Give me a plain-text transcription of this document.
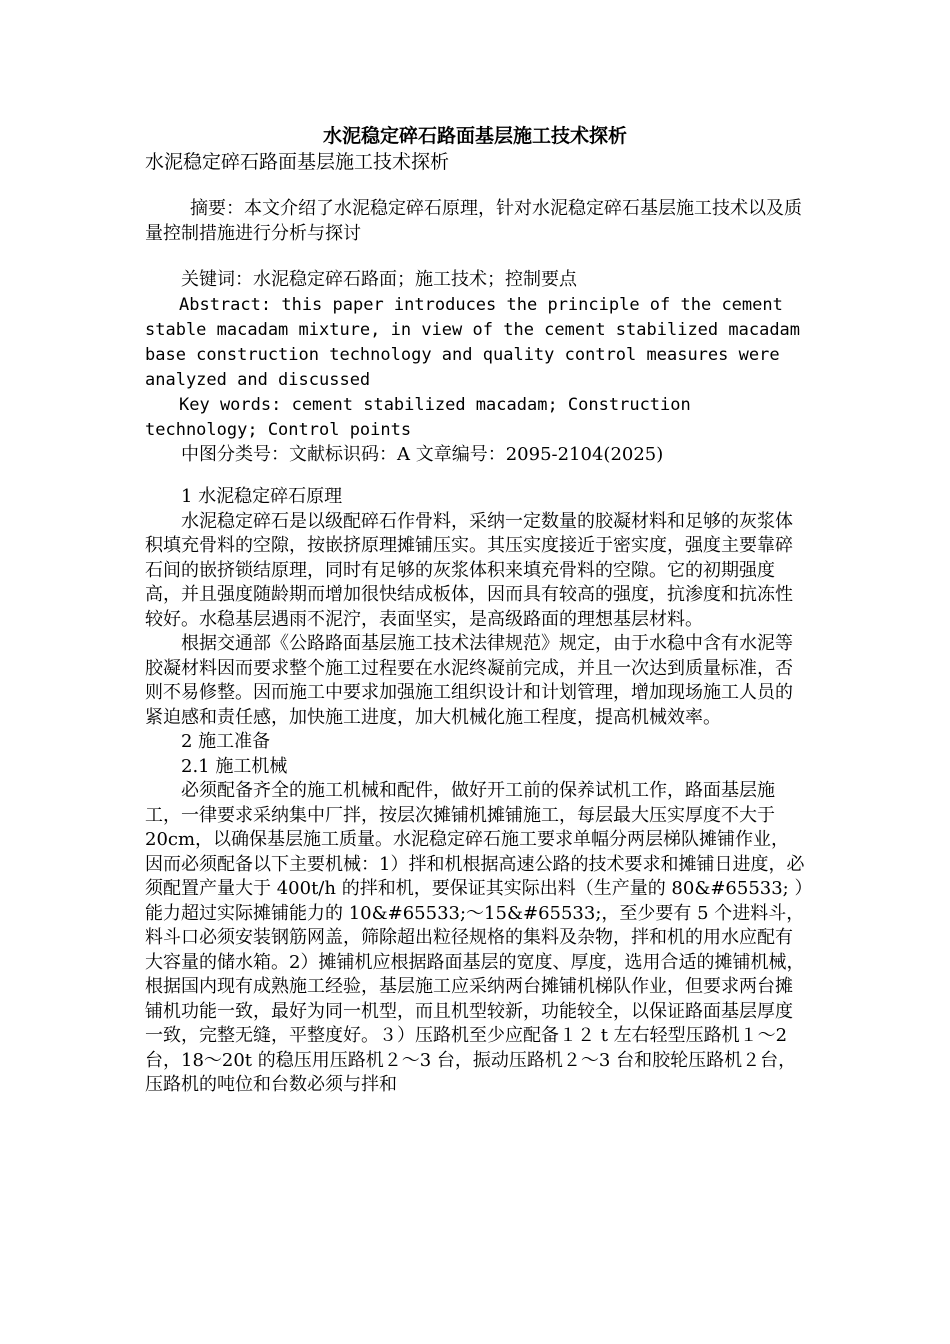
水泥稳定碎石路面基层施工技术探析

水泥稳定碎石路面基层施工技术探析

摘要：本文介绍了水泥稳定碎石原理，针对水泥稳定碎石基层施工技术以及质量控制措施进行分析与探讨

关键词：水泥稳定碎石路面；施工技术；控制要点

Abstract: this paper introduces the principle of the cement stable macadam mixture, in view of the cement stabilized macadam base construction technology and quality control measures were analyzed and discussed

Key words: cement stabilized macadam; Construction technology; Control points

中图分类号：文献标识码：A 文章编号：2095-2104(2025)

1 水泥稳定碎石原理

水泥稳定碎石是以级配碎石作骨料，采纳一定数量的胶凝材料和足够的灰浆体积填充骨料的空隙，按嵌挤原理摊铺压实。其压实度接近于密实度，强度主要靠碎石间的嵌挤锁结原理，同时有足够的灰浆体积来填充骨料的空隙。它的初期强度高，并且强度随龄期而增加很快结成板体，因而具有较高的强度，抗渗度和抗冻性较好。水稳基层遇雨不泥泞，表面坚实，是高级路面的理想基层材料。

根据交通部《公路路面基层施工技术法律规范》规定，由于水稳中含有水泥等胶凝材料因而要求整个施工过程要在水泥终凝前完成，并且一次达到质量标准，否则不易修整。因而施工中要求加强施工组织设计和计划管理，增加现场施工人员的紧迫感和责任感，加快施工进度，加大机械化施工程度，提高机械效率。

2 施工准备

2.1 施工机械

必须配备齐全的施工机械和配件，做好开工前的保养试机工作，路面基层施工，一律要求采纳集中厂拌，按层次摊铺机摊铺施工，每层最大压实厚度不大于 20cm，以确保基层施工质量。水泥稳定碎石施工要求单幅分两层梯队摊铺作业，因而必须配备以下主要机械：1）拌和机根据高速公路的技术要求和摊铺日进度，必须配置产量大于 400t/h 的拌和机，要保证其实际出料（生产量的 80&#65533; ）能力超过实际摊铺能力的 10&#65533;～15&#65533;，至少要有 5 个进料斗，料斗口必须安装钢筋网盖，筛除超出粒径规格的集料及杂物，拌和机的用水应配有大容量的储水箱。2）摊铺机应根据路面基层的宽度、厚度，选用合适的摊铺机械， 根据国内现有成熟施工经验，基层施工应采纳两台摊铺机梯队作业，但要求两台摊铺机功能一致，最好为同一机型，而且机型较新，功能较全，以保证路面基层厚度一致，完整无缝，平整度好。３）压路机至少应配备１２ t 左右轻型压路机１～2 台，18～20t 的稳压用压路机２～3 台，振动压路机２～3 台和胶轮压路机２台， 压路机的吨位和台数必须与拌和
